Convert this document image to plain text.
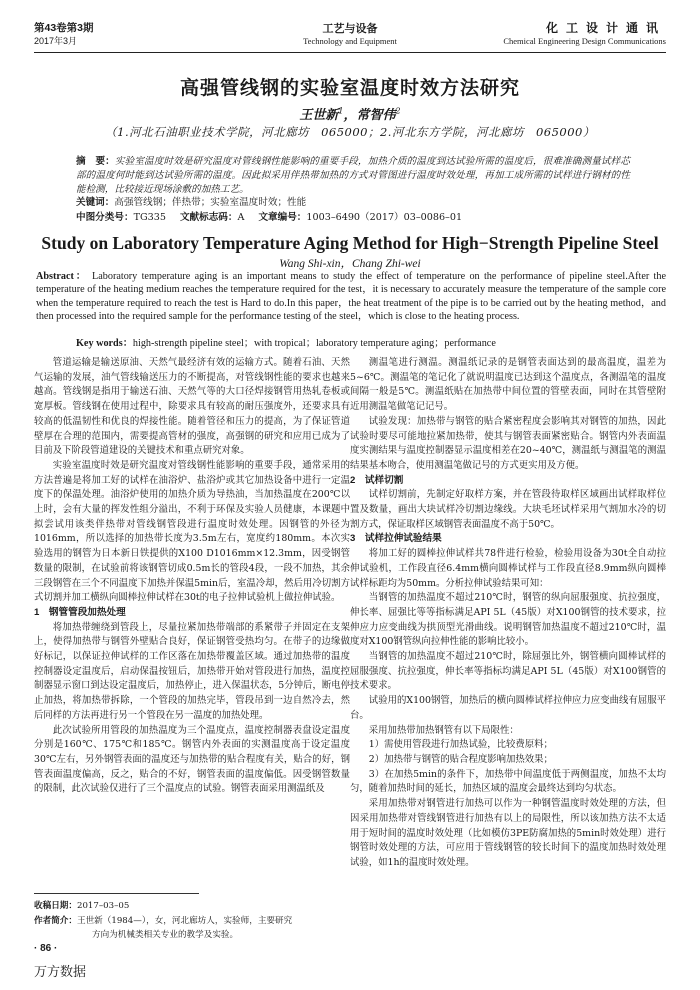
第43卷第3期
2017年3月
工艺与设备
Technology and Equipment
化工设计通讯
Chemical Engineering Design Communications
高强管线钢的实验室温度时效方法研究
王世新$^1$，常智伟$^2$
（1.河北石油职业技术学院，河北廊坊　065000；2.河北东方学院，河北廊坊　065000）
摘　要：实验室温度时效是研究温度对管线钢性能影响的重要手段，加热介质的温度到达试验所需的温度后，很难准确测量试样芯部的温度何时能到达试验所需的温度。因此拟采用伴热带加热的方式对管图进行温度时效处理，再加工成所需的试样进行钢材的性能检测，比较接近现场涂敷的加热工艺。
关键词：高强管线钢；伴热带；实验室温度时效；性能
中图分类号：TG335 文献标志码：A 文章编号：1003–6490（2017）03–0086–01
Study on Laboratory Temperature Aging Method for High−Strength Pipeline Steel
Wang Shi-xin，Chang Zhi-wei
Abstract： Laboratory temperature aging is an important means to study the effect of temperature on the performance of pipeline steel.After the temperature of the heating medium reaches the temperature required for the test，it is necessary to accurately measure the temperature of the sample core when the temperature required to reach the test is Hard to do.In this paper，the heat treatment of the pipe is to be carried out by the heating method，and then processed into the required sample for the performance testing of the steel，which is close to the heating process.
Key words：high-strength pipeline steel；with tropical；laboratory temperature aging；performance

管道运输是输送原油、天然气最经济有效的运输方式。随着石油、天然气运输的发展，油气管线输送压力的不断提高，对管线钢性能的要求也越来越高。管线钢是指用于输送石油、天然气等的大口径焊接钢管用热轧卷板或宽厚板。管线钢在使用过程中，除要求具有较高的耐压强度外，还要求具有较高的低温韧性和优良的焊接性能。随着管径和压力的提高，为了保证管道壁厚在合理的范围内，需要提高管材的强度，高强钢的研究和应用已成为了目前及下阶段管道建设的关键技术和重点研究对象。

实验室温度时效是研究温度对管线钢性能影响的重要手段，通常采用的方法普遍是将加工好的试样在油浴炉、盐浴炉或其它加热设备中进行一定温度下的保温处理。油浴炉使用的加热介质为导热油，当加热温度在200℃以上时，会有大量的挥发性组分溢出，不利于环保及实验人员健康，本课题中拟尝试用该类伴热带对管线钢管段进行温度时效处理。因钢管的外径为1016mm，所以选择的加热带长度为3.5m左右，宽度约180mm。本次实验选用的钢管为日本新日铁提供的X100 D1016mm×12.3mm，因受钢管数量的限制，在试验前将该钢管切成0.5m长的管段4段，一段不加热，其余三段钢管在三个不同温度下加热并保温5min后，室温冷却，然后用冷切割方式切割并加工横纵向圆棒拉伸试样在30t的电子拉伸试验机上做拉伸试验。

1　钢管管段加热处理

将加热带缠绕到管段上，尽量拉紧加热带端部的系紧带子并固定在支架上，使得加热带与钢管外壁贴合良好，保证钢管受热均匀。在带子的边缘做好标记，以保证拉伸试样的工作区落在加热带覆盖区域。通过加热带的温度控制器设定温度后，启动保温按钮后，加热带开始对管段进行加热，温度控制器显示窗口到达设定温度后，加热停止，进入保温状态，5分钟后，断电停止加热，将加热带拆除，一个管段的加热完毕，管段吊到一边自然冷去，然后同样的方法再进行另一个管段在另一温度的加热处理。

此次试验所用管段的加热温度为三个温度点，温度控制器表盘设定温度分别是160℃、175℃和185℃。钢管内外表面的实测温度高于设定温度30℃左右，另外钢管表面的温度还与加热带的贴合程度有关，贴合的好，钢管表面温度偏高，反之，贴合的不好，钢管表面的温度偏低。因受钢管数量的限制，此次试验仅进行了三个温度点的试验。钢管表面采用测温纸及

测温笔进行测温。测温纸记录的是钢管表面达到的最高温度，温差为5~6℃。测温笔的笔记化了就说明温度已达到这个温度点，各测温笔的温度间隔一般是5℃。测温纸贴在加热带中间位置的管壁表面，同时在其管壁附近用测温笔做笔记记号。

试验发现：加热带与钢管的贴合紧密程度会影响其对钢管的加热，因此试验时要尽可能地拉紧加热带，使其与钢管表面紧密贴合。钢管内外表面温度实测结果与温度控制器显示温度相差在20~40℃，测温纸与测温笔的测温结果基本吻合，使用测温笔做记号的方式更实用及方便。

2　试样切割

试样切割前，先制定好取样方案，并在管段待取样区域画出试样取样位置及数量，画出大块试样冷切割边缘线。大块毛坯试样采用气割加水冷的切割方式，保证取样区域钢管表面温度不高于50℃。

3　试样拉伸试验结果

将加工好的圆棒拉伸试样共78件进行检验，检验用设备为30t全自动拉伸试验机，工作段直径6.4mm横向圆棒试样与工作段直径8.9mm纵向圆棒试样标距均为50mm。分析拉伸试验结果可知：

当钢管的加热温度不超过210℃时，钢管的纵向屈服强度、抗拉强度，伸长率、屈强比等等指标满足API 5L（45版）对X100钢管的技术要求，拉伸应力应变曲线为拱顶型光滑曲线。说明钢管加热温度不超过210℃时，温度对X100钢管纵向拉伸性能的影响比较小。

当钢管的加热温度不超过210℃时，除屈强比外，钢管横向圆棒试样的屈服强度、抗拉强度，伸长率等指标均满足API 5L（45版）对X100钢管的技术要求。

试验用的X100钢管，加热后的横向圆棒试样拉伸应力应变曲线有屈服平台。

采用加热带加热钢管有以下局限性：

1）需使用管段进行加热试验，比较费原料；

2）加热带与钢管的贴合程度影响加热效果；

3）在加热5min的条件下，加热带中间温度低于两侧温度，加热不太均匀，随着加热时间的延长，加热区域的温度会最终达到均匀状态。

采用加热带对钢管进行加热可以作为一种钢管温度时效处理的方法，但因采用加热带对管线钢管进行加热有以上的局限性，所以该加热方法不太适用于短时间的温度时效处理（比如模仿3PE防腐加热的5min时效处理）进行钢管时效处理的方法，可应用于管线钢管的较长时间下的温度加热时效处理试验，如1h的温度时效处理。

收稿日期：2017–03–05
作者简介：王世新（1984—），女，河北廊坊人，实验师，主要研究
方向为机械类相关专业的教学及实验。
· 86 ·
万方数据
